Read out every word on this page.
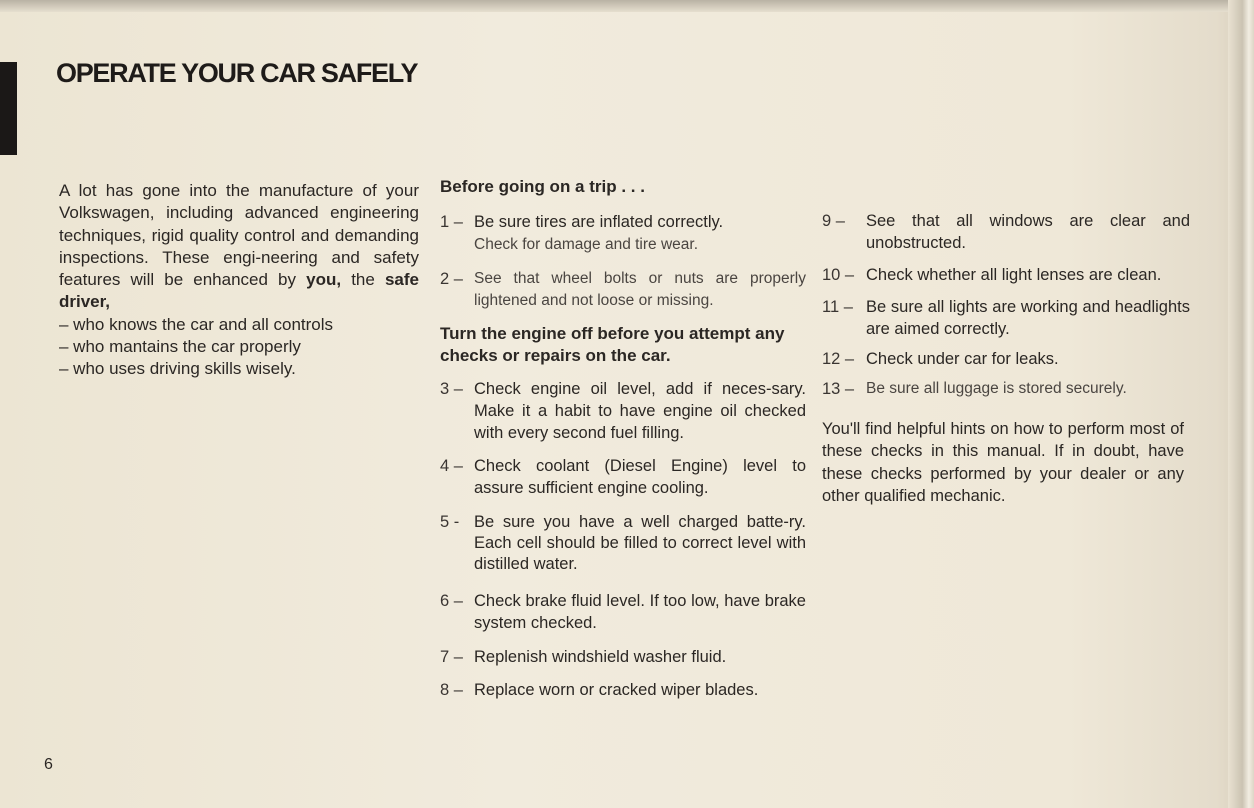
OPERATE YOUR CAR SAFELY

A lot has gone into the manufacture of your Volkswagen, including advanced engineering techniques, rigid quality control and demanding inspections. These engi-neering and safety features will be enhanced by you, the safe driver,

– who knows the car and all controls
– who mantains the car properly
– who uses driving skills wisely.
Before going on a trip . . .
1 – Be sure tires are inflated correctly.
Check for damage and tire wear.
2 – See that wheel bolts or nuts are properly lightened and not loose or missing.
Turn the engine off before you attempt any checks or repairs on the car.
3 – Check engine oil level, add if neces-sary. Make it a habit to have engine oil checked with every second fuel filling.
4 – Check coolant (Diesel Engine) level to assure sufficient engine cooling.
5 - Be sure you have a well charged batte-ry. Each cell should be filled to correct level with distilled water.
6 – Check brake fluid level. If too low, have brake system checked.
7 – Replenish windshield washer fluid.
8 – Replace worn or cracked wiper blades.
9 –	See that all windows are clear and unobstructed.
10 – Check whether all light lenses are clean.
11 – Be sure all lights are working and headlights are aimed correctly.
12 – Check under car for leaks.
13 – Be sure all luggage is stored securely.

You'll find helpful hints on how to perform most of these checks in this manual. If in doubt, have these checks performed by your dealer or any other qualified mechanic.

6
